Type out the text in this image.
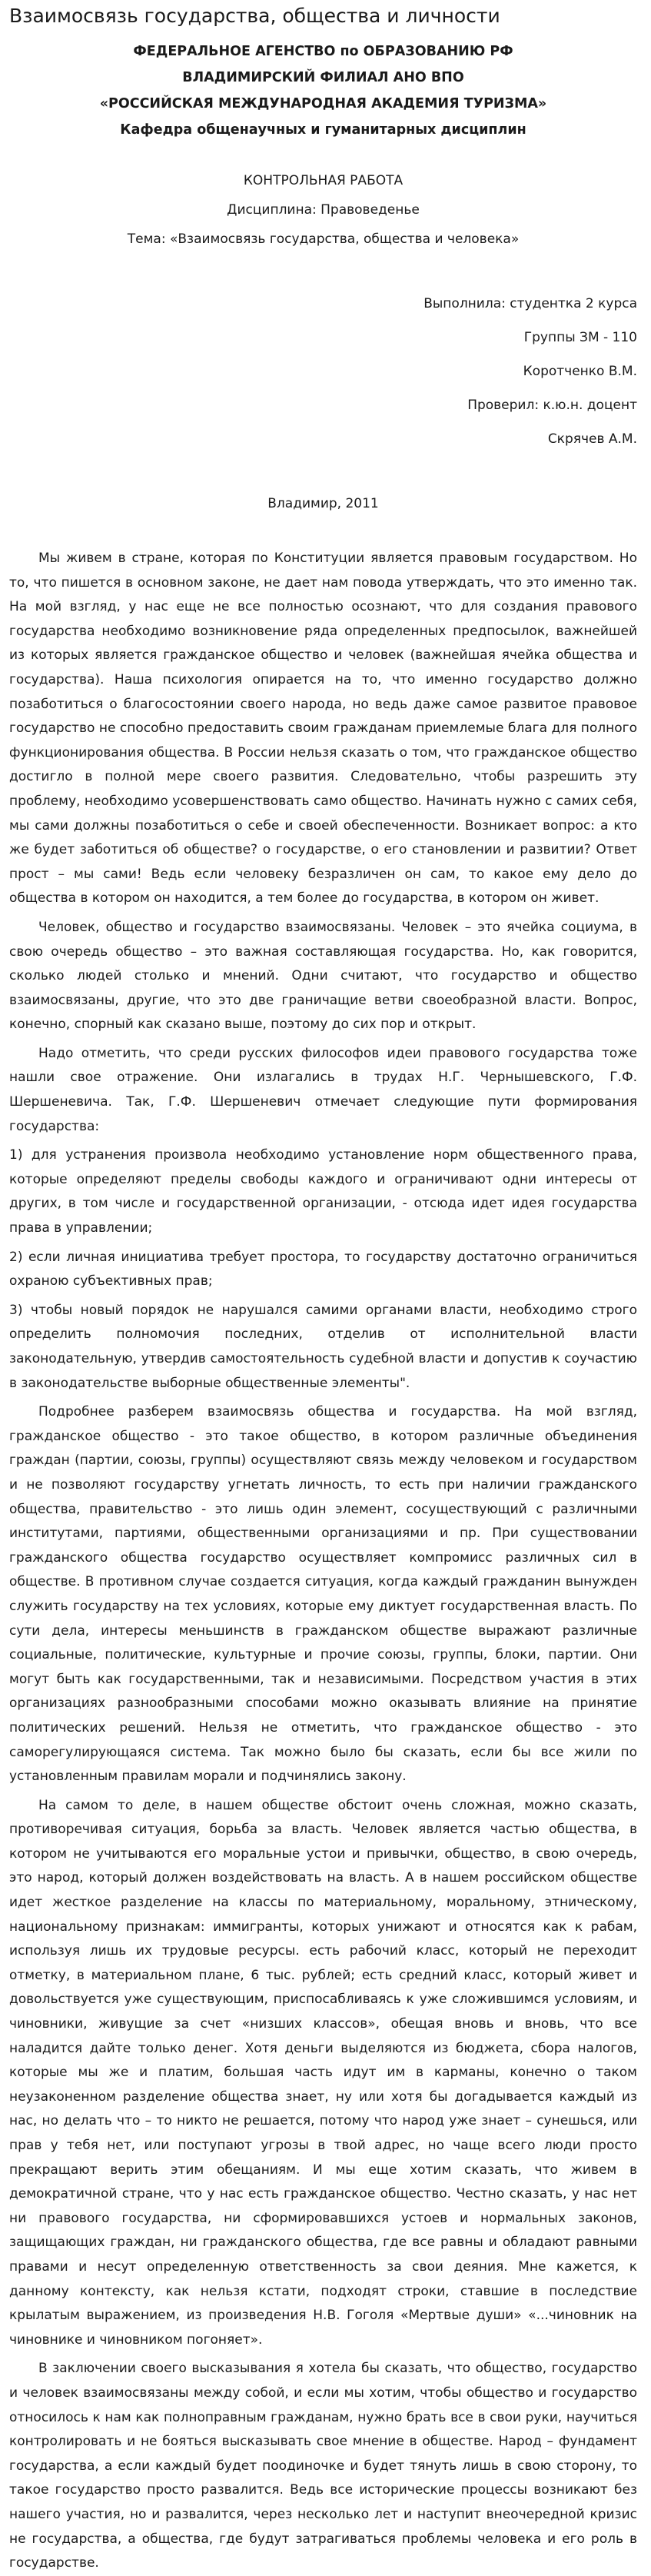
Взаимосвязь государства, общества и личности
ФЕДЕРАЛЬНОЕ АГЕНСТВО по ОБРАЗОВАНИЮ РФ
ВЛАДИМИРСКИЙ ФИЛИАЛ АНО ВПО
«РОССИЙСКАЯ МЕЖДУНАРОДНАЯ АКАДЕМИЯ ТУРИЗМА»
Кафедра общенаучных и гуманитарных дисциплин
КОНТРОЛЬНАЯ РАБОТА
Дисциплина: Правоведенье
Тема: «Взаимосвязь государства, общества и человека»
Выполнила: студентка 2 курса
Группы ЗМ - 110
Коротченко В.М.
Проверил: к.ю.н. доцент
Скрячев А.М.
Владимир, 2011

Мы живем в стране, которая по Конституции является правовым государством. Но то, что пишется в основном законе, не дает нам повода утверждать, что это именно так. На мой взгляд, у нас еще не все полностью осознают, что для создания правового государства необходимо возникновение ряда определенных предпосылок, важнейшей из которых является гражданское общество и человек (важнейшая ячейка общества и государства). Наша психология опирается на то, что именно государство должно позаботиться о благосостоянии своего народа, но ведь даже самое развитое правовое государство не способно предоставить своим гражданам приемлемые блага для полного функционирования общества. В России нельзя сказать о том, что гражданское общество достигло в полной мере своего развития. Следовательно, чтобы разрешить эту проблему, необходимо усовершенствовать само общество. Начинать нужно с самих себя, мы сами должны позаботиться о себе и своей обеспеченности. Возникает вопрос: а кто же будет заботиться об обществе? о государстве, о его становлении и развитии? Ответ прост – мы сами! Ведь если человеку безразличен он сам, то какое ему дело до общества в котором он находится, а тем более до государства, в котором он живет.

Человек, общество и государство взаимосвязаны. Человек – это ячейка социума, в свою очередь общество – это важная составляющая государства. Но, как говорится, сколько людей столько и мнений. Одни считают, что государство и общество взаимосвязаны, другие, что это две граничащие ветви своеобразной власти. Вопрос, конечно, спорный как сказано выше, поэтому до сих пор и открыт.

Надо отметить, что среди русских философов идеи правового государства тоже нашли свое отражение. Они излагались в трудах Н.Г. Чернышевского, Г.Ф. Шершеневича. Так, Г.Ф. Шершеневич отмечает следующие пути формирования государства:

1) для устранения произвола необходимо установление норм общественного права, которые определяют пределы свободы каждого и ограничивают одни интересы от других, в том числе и государственной организации, - отсюда идет идея государства права в управлении;

2) если личная инициатива требует простора, то государству достаточно ограничиться охраною субъективных прав;

3) чтобы новый порядок не нарушался самими органами власти, необходимо строго определить полномочия последних, отделив от исполнительной власти законодательную, утвердив самостоятельность судебной власти и допустив к соучастию в законодательстве выборные общественные элементы".

Подробнее разберем взаимосвязь общества и государства. На мой взгляд, гражданское общество - это такое общество, в котором различные объединения граждан (партии, союзы, группы) осуществляют связь между человеком и государством и не позволяют государству угнетать личность, то есть при наличии гражданского общества, правительство - это лишь один элемент, сосуществующий с различными институтами, партиями, общественными организациями и пр. При существовании гражданского общества государство осуществляет компромисс различных сил в обществе. В противном случае создается ситуация, когда каждый гражданин вынужден служить государству на тех условиях, которые ему диктует государственная власть. По сути дела, интересы меньшинств в гражданском обществе выражают различные социальные, политические, культурные и прочие союзы, группы, блоки, партии. Они могут быть как государственными, так и независимыми. Посредством участия в этих организациях разнообразными способами можно оказывать влияние на принятие политических решений. Нельзя не отметить, что гражданское общество - это саморегулирующаяся система. Так можно было бы сказать, если бы все жили по установленным правилам морали и подчинялись закону.

На самом то деле, в нашем обществе обстоит очень сложная, можно сказать, противоречивая ситуация, борьба за власть. Человек является частью общества, в котором не учитываются его моральные устои и привычки, общество, в свою очередь, это народ, который должен воздействовать на власть. А в нашем российском обществе идет жесткое разделение на классы по материальному, моральному, этническому, национальному признакам: иммигранты, которых унижают и относятся как к рабам, используя лишь их трудовые ресурсы. есть рабочий класс, который не переходит отметку, в материальном плане, 6 тыс. рублей; есть средний класс, который живет и довольствуется уже существующим, приспосабливаясь к уже сложившимся условиям, и чиновники, живущие за счет «низших классов», обещая вновь и вновь, что все наладится дайте только денег. Хотя деньги выделяются из бюджета, сбора налогов, которые мы же и платим, большая часть идут им в карманы, конечно о таком неузаконенном разделение общества знает, ну или хотя бы догадывается каждый из нас, но делать что – то никто не решается, потому что народ уже знает – сунешься, или прав у тебя нет, или поступают угрозы в твой адрес, но чаще всего люди просто прекращают верить этим обещаниям. И мы еще хотим сказать, что живем в демократичной стране, что у нас есть гражданское общество. Честно сказать, у нас нет ни правового государства, ни сформировавшихся устоев и нормальных законов, защищающих граждан, ни гражданского общества, где все равны и обладают равными правами и несут определенную ответственность за свои деяния. Мне кажется, к данному контексту, как нельзя кстати, подходят строки, ставшие в последствие крылатым выражением, из произведения Н.В. Гоголя «Мертвые души» «...чиновник на чиновнике и чиновником погоняет».

В заключении своего высказывания я хотела бы сказать, что общество, государство и человек взаимосвязаны между собой, и если мы хотим, чтобы общество и государство относилось к нам как полноправным гражданам, нужно брать все в свои руки, научиться контролировать и не бояться высказывать свое мнение в обществе. Народ – фундамент государства, а если каждый будет поодиночке и будет тянуть лишь в свою сторону, то такое государство просто развалится. Ведь все исторические процессы возникают без нашего участия, но и развалится, через несколько лет и наступит внеочередной кризис не государства, а общества, где будут затрагиваться проблемы человека и его роль в государстве.
